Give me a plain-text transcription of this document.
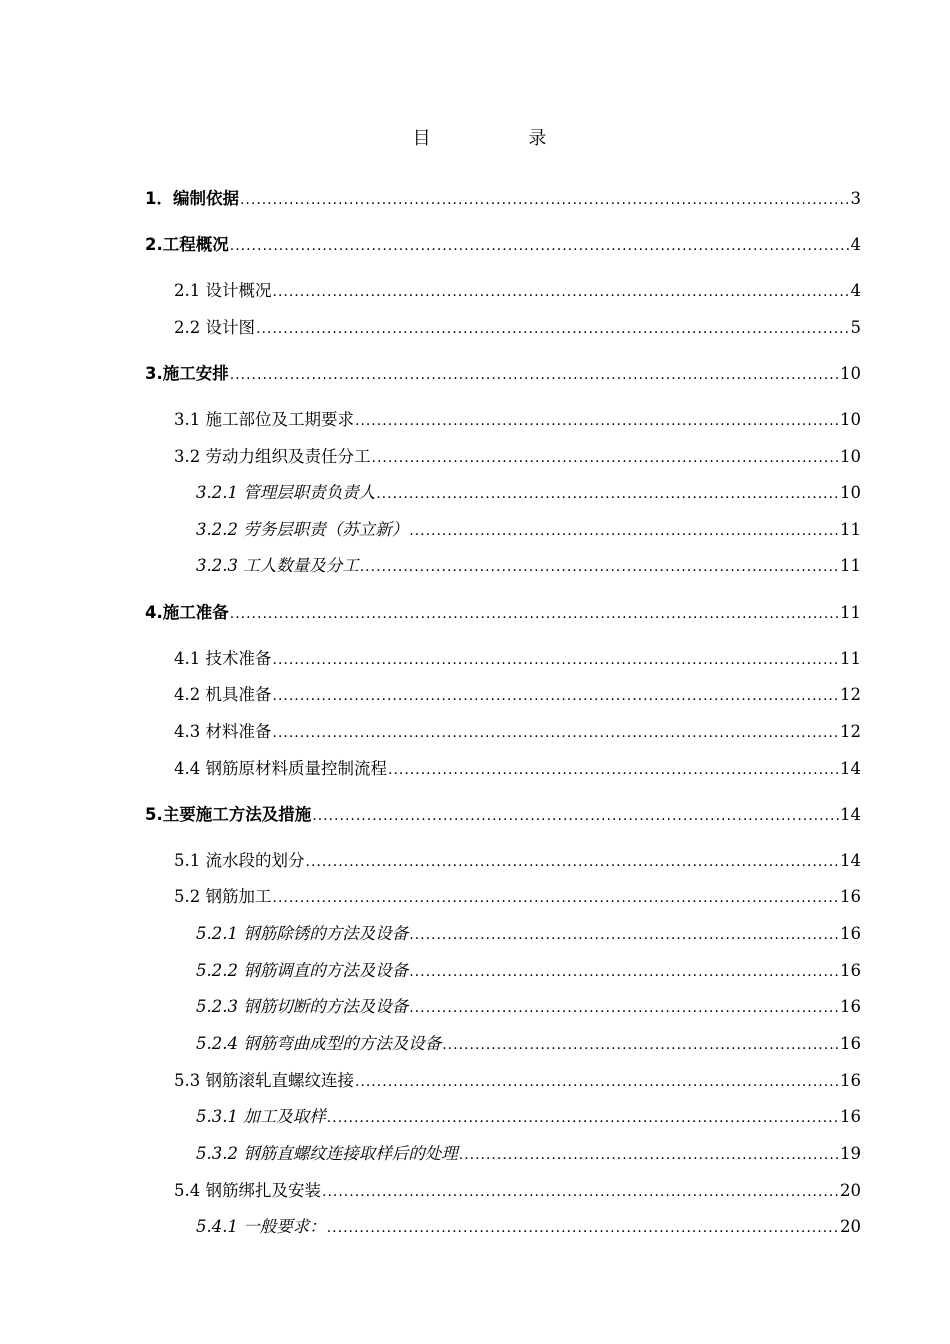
目 录
1．编制依据 .....	3
2.工程概况 .....	4
2.1 设计概况 .....	4
2.2 设计图 .....	5
3.施工安排 .....	10
3.1 施工部位及工期要求 .....	10
3.2 劳动力组织及责任分工 .....	10
3.2.1 管理层职责负责人 .....	10
3.2.2 劳务层职责（苏立新） .....	11
3.2.3 工人数量及分工 .....	11
4.施工准备 .....	11
4.1 技术准备 .....	11
4.2 机具准备 .....	12
4.3 材料准备 .....	12
4.4 钢筋原材料质量控制流程 .....	14
5.主要施工方法及措施 .....	14
5.1 流水段的划分 .....	14
5.2 钢筋加工 .....	16
5.2.1 钢筋除锈的方法及设备 .....	16
5.2.2 钢筋调直的方法及设备 .....	16
5.2.3 钢筋切断的方法及设备 .....	16
5.2.4 钢筋弯曲成型的方法及设备 .....	16
5.3 钢筋滚轧直螺纹连接 .....	16
5.3.1 加工及取样 .....	16
5.3.2 钢筋直螺纹连接取样后的处理 .....	19
5.4 钢筋绑扎及安装 .....	20
5.4.1 一般要求： .....	20
